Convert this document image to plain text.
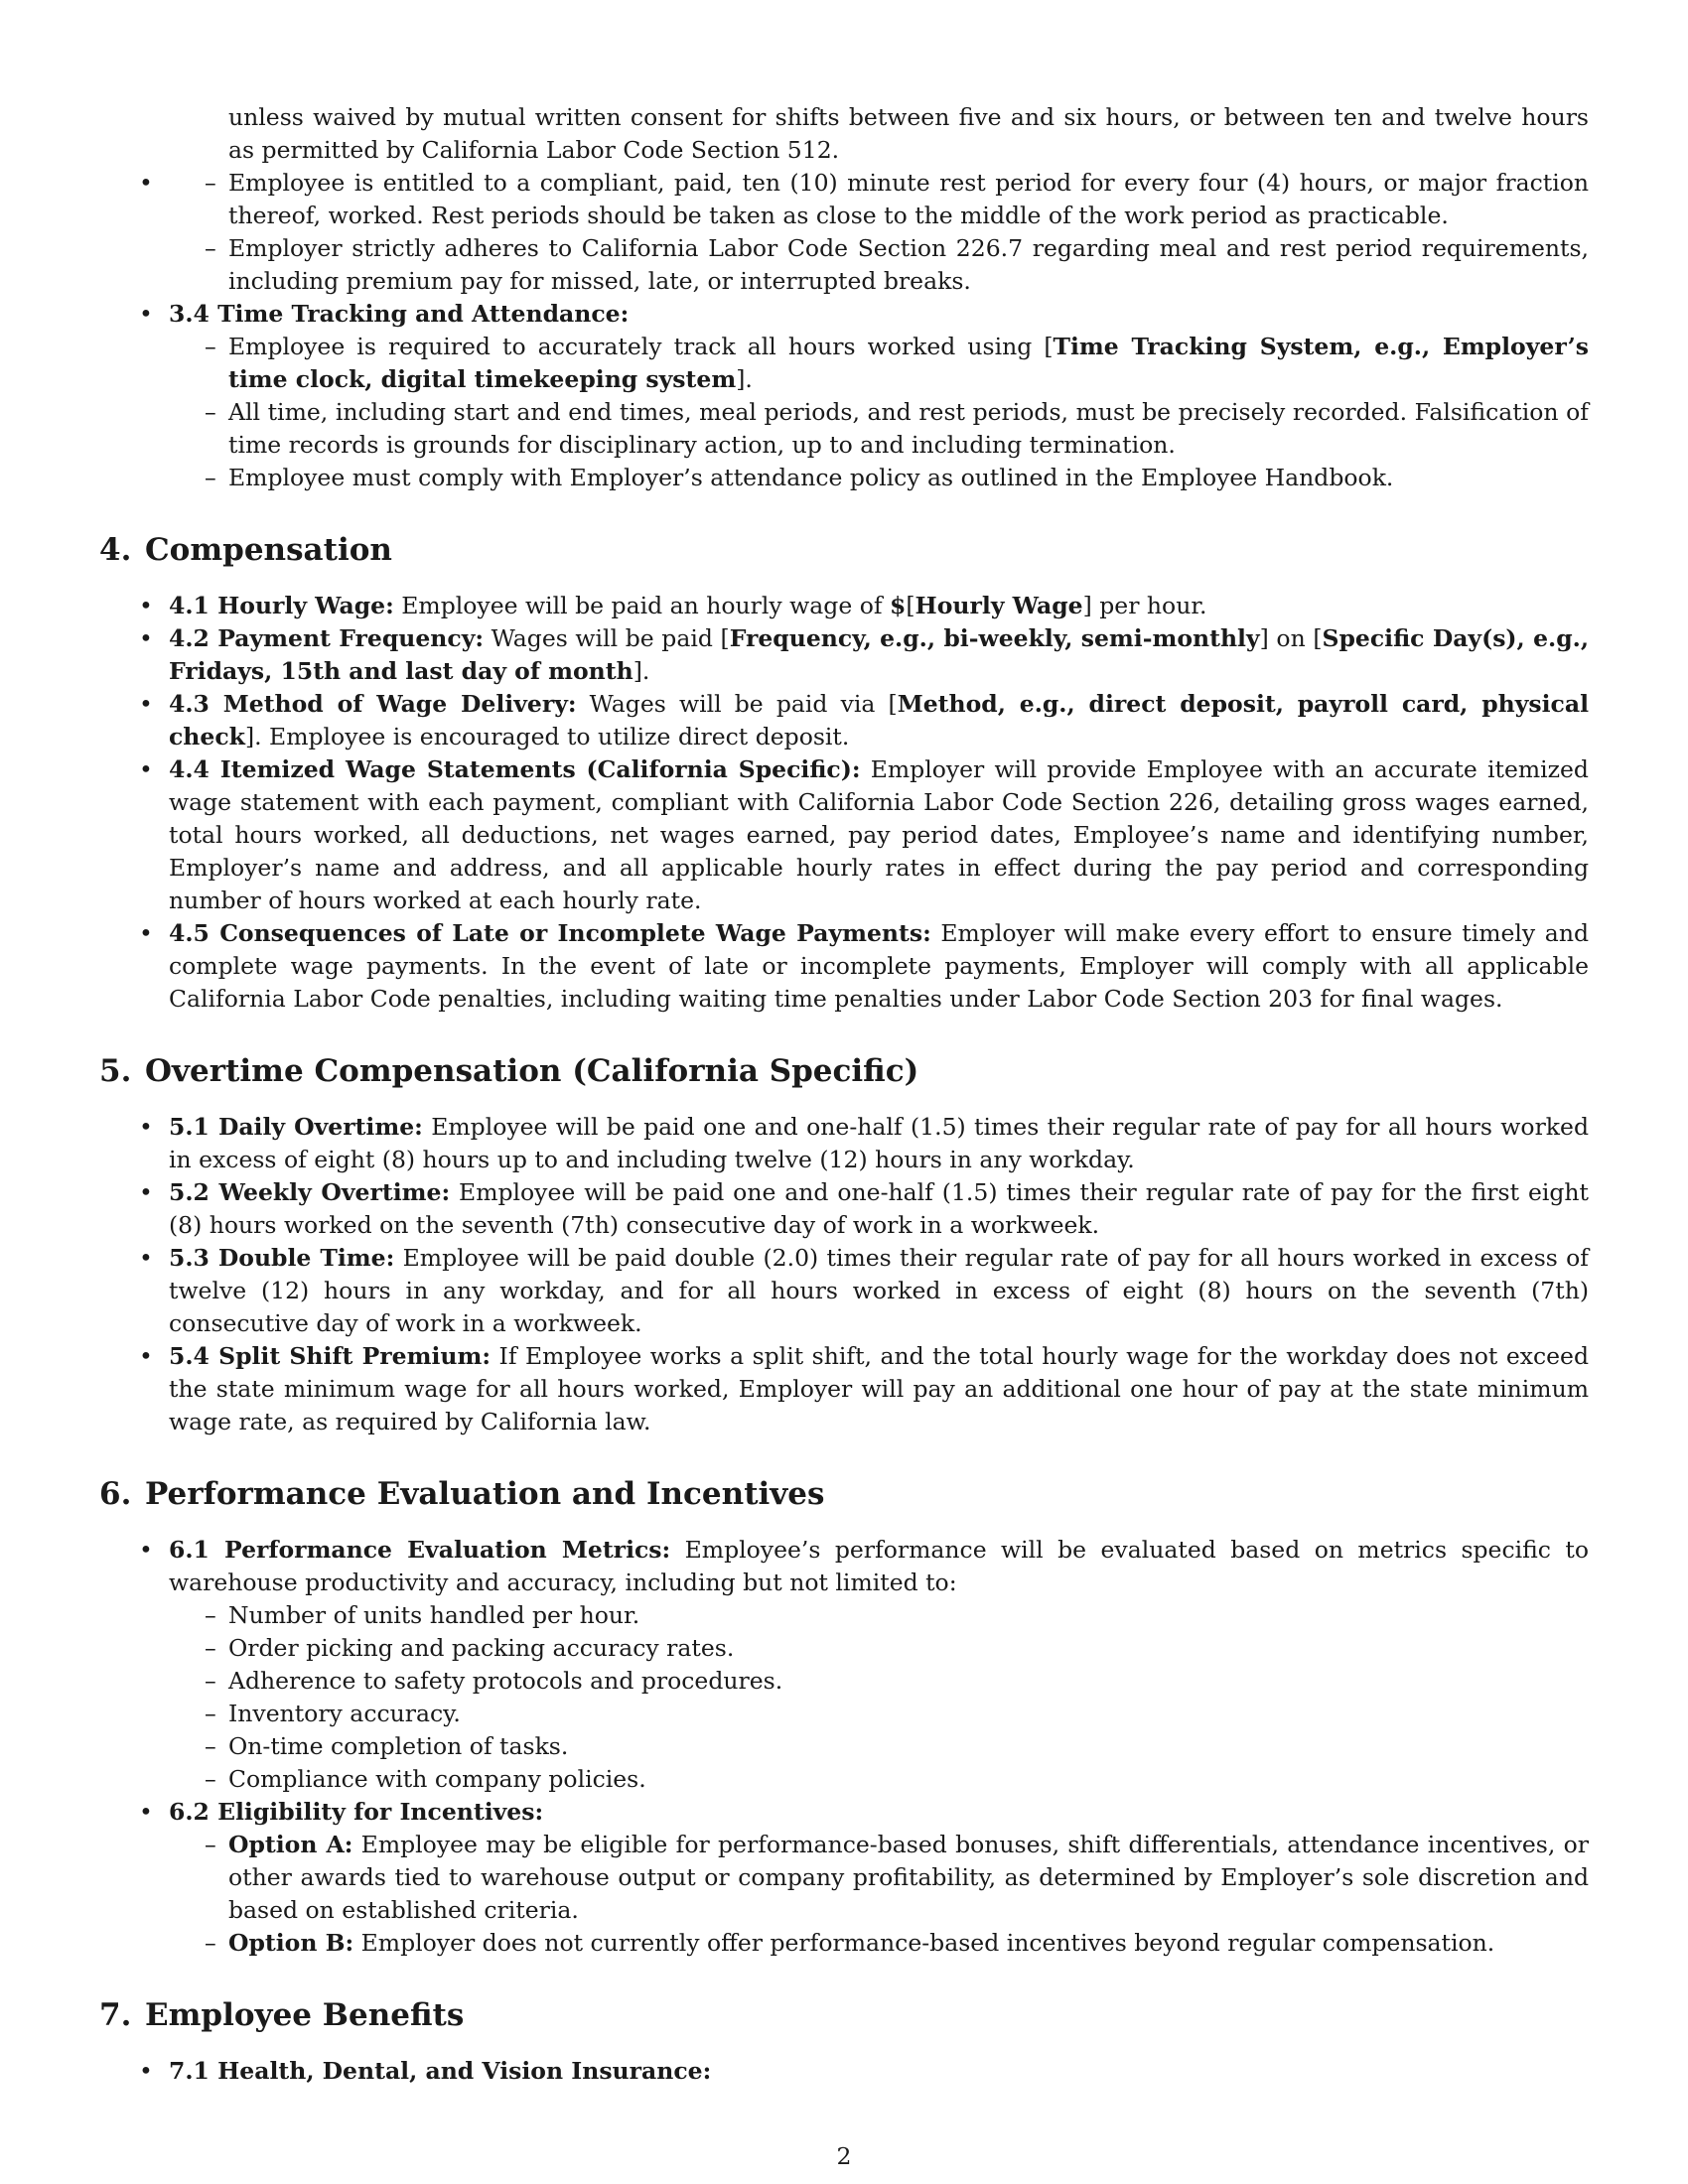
unless waived by mutual written consent for shifts between five and six hours, or between ten and twelve hours as permitted by California Labor Code Section 512.
– • Employee is entitled to a compliant, paid, ten (10) minute rest period for every four (4) hours, or major fraction thereof, worked. Rest periods should be taken as close to the middle of the work period as practicable.
– Employer strictly adheres to California Labor Code Section 226.7 regarding meal and rest period requirements, including premium pay for missed, late, or interrupted breaks.
• 3.4 Time Tracking and Attendance:
– Employee is required to accurately track all hours worked using [Time Tracking System, e.g., Employer’s time clock, digital timekeeping system].
– All time, including start and end times, meal periods, and rest periods, must be precisely recorded. Falsification of time records is grounds for disciplinary action, up to and including termination.
– Employee must comply with Employer’s attendance policy as outlined in the Employee Handbook.
4. Compensation
• 4.1 Hourly Wage: Employee will be paid an hourly wage of $[Hourly Wage] per hour.
• 4.2 Payment Frequency: Wages will be paid [Frequency, e.g., bi-weekly, semi-monthly] on [Specific Day(s), e.g., Fridays, 15th and last day of month].
• 4.3 Method of Wage Delivery: Wages will be paid via [Method, e.g., direct deposit, payroll card, physical check]. Employee is encouraged to utilize direct deposit.
• 4.4 Itemized Wage Statements (California Specific): Employer will provide Employee with an accurate itemized wage statement with each payment, compliant with California Labor Code Section 226, detailing gross wages earned, total hours worked, all deductions, net wages earned, pay period dates, Employee’s name and identifying number, Employer’s name and address, and all applicable hourly rates in effect during the pay period and corresponding number of hours worked at each hourly rate.
• 4.5 Consequences of Late or Incomplete Wage Payments: Employer will make every effort to ensure timely and complete wage payments. In the event of late or incomplete payments, Employer will comply with all applicable California Labor Code penalties, including waiting time penalties under Labor Code Section 203 for final wages.
5. Overtime Compensation (California Specific)
• 5.1 Daily Overtime: Employee will be paid one and one-half (1.5) times their regular rate of pay for all hours worked in excess of eight (8) hours up to and including twelve (12) hours in any workday.
• 5.2 Weekly Overtime: Employee will be paid one and one-half (1.5) times their regular rate of pay for the first eight (8) hours worked on the seventh (7th) consecutive day of work in a workweek.
• 5.3 Double Time: Employee will be paid double (2.0) times their regular rate of pay for all hours worked in excess of twelve (12) hours in any workday, and for all hours worked in excess of eight (8) hours on the seventh (7th) consecutive day of work in a workweek.
• 5.4 Split Shift Premium: If Employee works a split shift, and the total hourly wage for the workday does not exceed the state minimum wage for all hours worked, Employer will pay an additional one hour of pay at the state minimum wage rate, as required by California law.
6. Performance Evaluation and Incentives
• 6.1 Performance Evaluation Metrics: Employee’s performance will be evaluated based on metrics specific to warehouse productivity and accuracy, including but not limited to:
– Number of units handled per hour.
– Order picking and packing accuracy rates.
– Adherence to safety protocols and procedures.
– Inventory accuracy.
– On-time completion of tasks.
– Compliance with company policies.
• 6.2 Eligibility for Incentives:
– Option A: Employee may be eligible for performance-based bonuses, shift differentials, attendance incentives, or other awards tied to warehouse output or company profitability, as determined by Employer’s sole discretion and based on established criteria.
– Option B: Employer does not currently offer performance-based incentives beyond regular compensation.
7. Employee Benefits
• 7.1 Health, Dental, and Vision Insurance:
2
